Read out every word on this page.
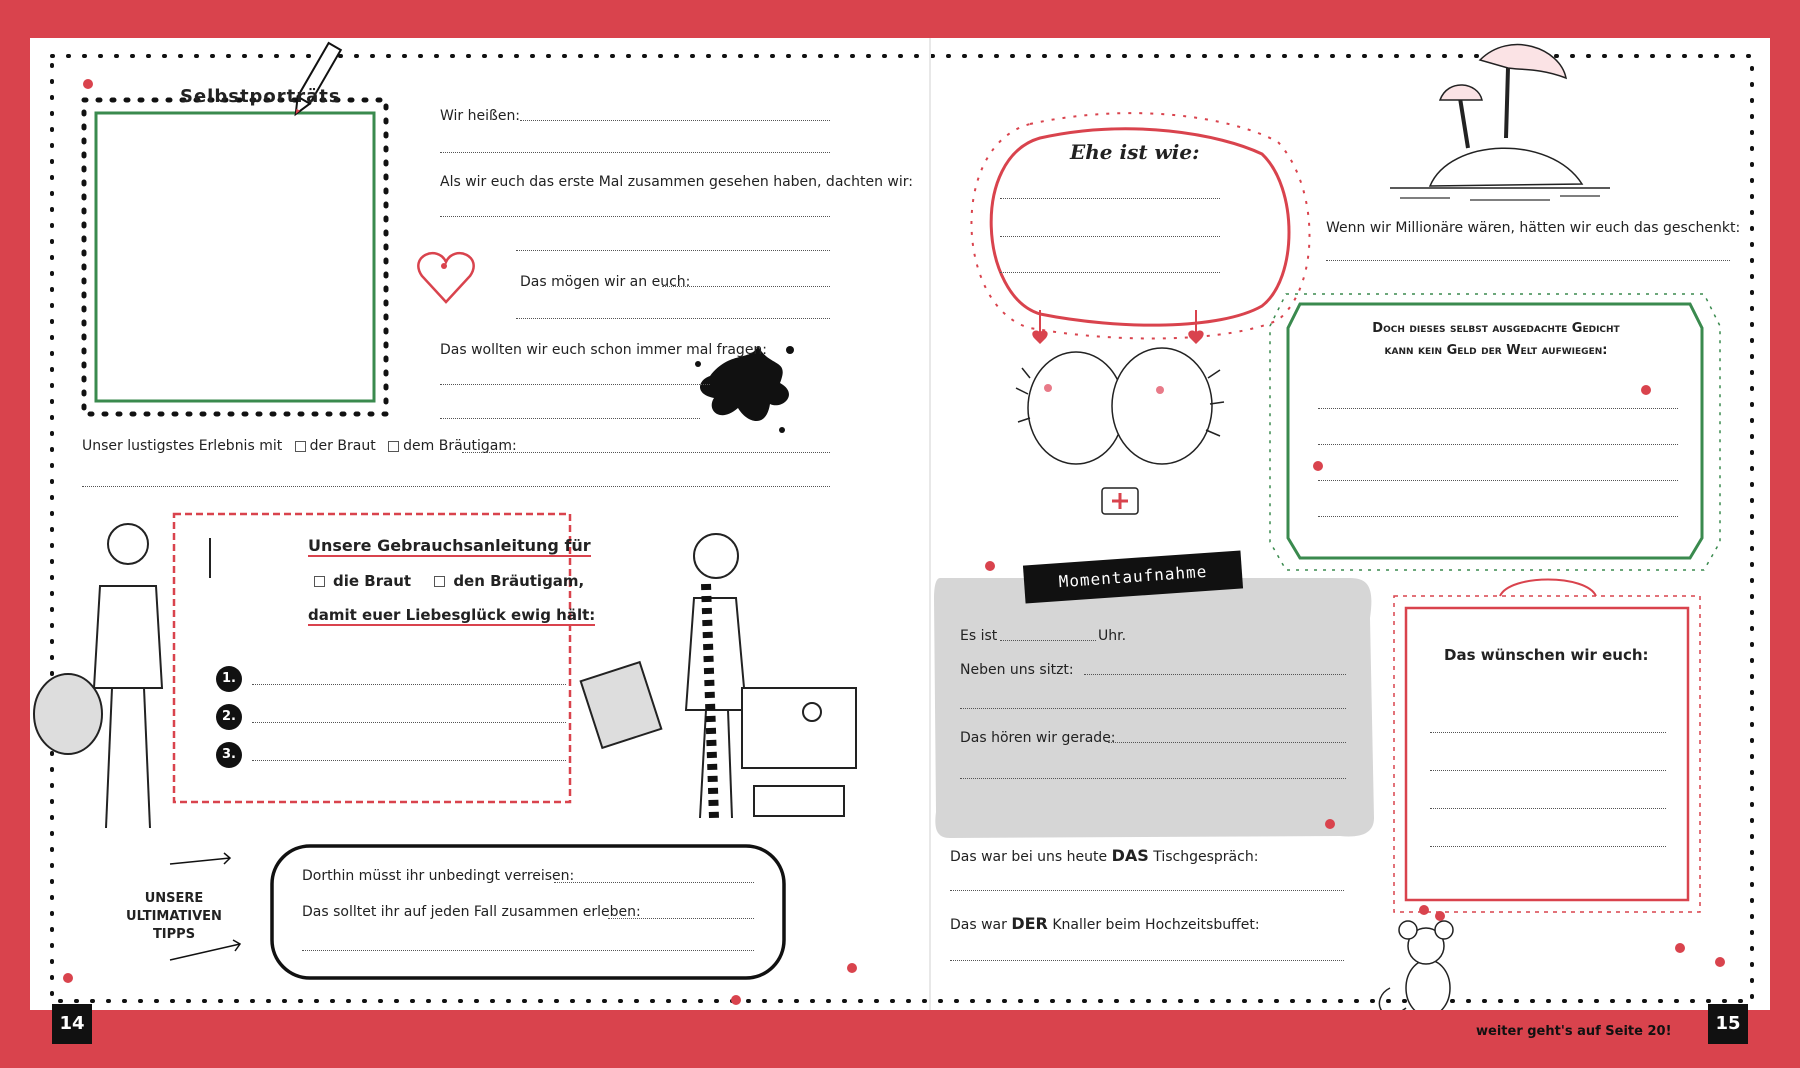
Selbstporträts
Wir heißen:
Als wir euch das erste Mal zusammen gesehen haben, dachten wir:
Das mögen wir an euch:
Das wollten wir euch schon immer mal fragen:
Unser lustigstes Erlebnis mit der Braut dem Bräutigam:
Unsere Gebrauchsanleitung für
die Braut	den Bräutigam,
damit euer Liebesglück ewig hält:
1.
2.
3.
UNSERE
ULTIMATIVEN TIPPS
Dorthin müsst ihr unbedingt verreisen:
Das solltet ihr auf jeden Fall zusammen erleben:
Ehe ist wie:
Wenn wir Millionäre wären, hätten wir euch das geschenkt:
Doch dieses selbst ausgedachte Gedicht
kann kein Geld der Welt aufwiegen:
Momentaufnahme
Es ist	Uhr.
Neben uns sitzt:
Das hören wir gerade:
Das wünschen wir euch:
Das war bei uns heute DAS Tischgespräch:
Das war DER Knaller beim Hochzeitsbuffet:
14	15
weiter geht's auf Seite 20!
